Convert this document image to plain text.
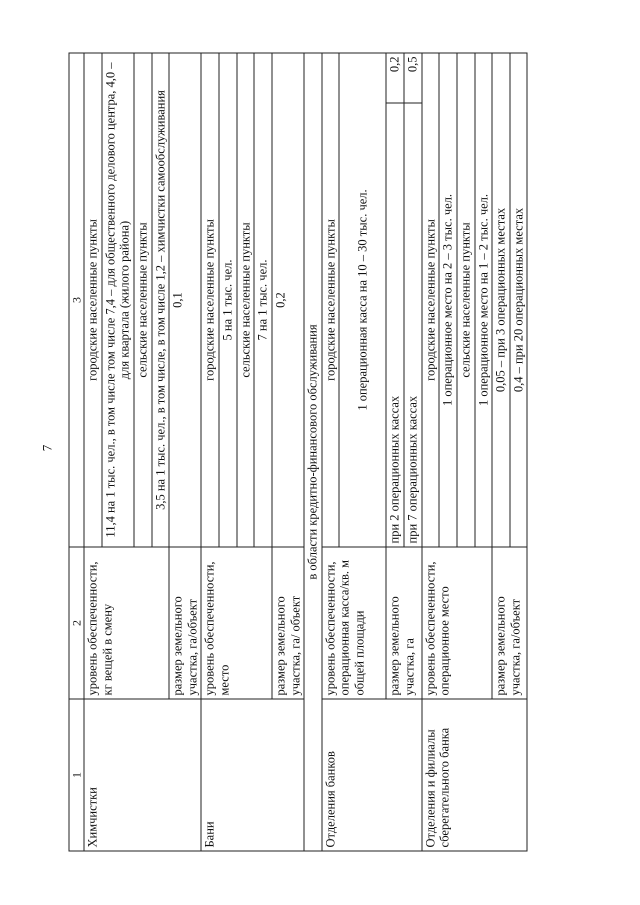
7
1	2	3	
Химчистки	уровень обеспеченности, кг вещей в смену	городские населенные пункты	
		11,4 на 1 тыс. чел., в том числе том числе 7,4 – для общественного делового центра, 4,0 – для квартала (жилого района)	
		сельские населенные пункты	
		3,5 на 1 тыс. чел., в том числе, в том числе 1,2 – химчистки самообслуживания	
	размер земельного участка, га/объект	0,1	
Бани	уровень обеспеченности, место	городские населенные пункты	
		5 на 1 тыс. чел.	
		сельские населенные пункты	
		7 на 1 тыс. чел.	
	размер земельного участка, га/ объект	0,2	
в области кредитно-финансового обслуживания			
Отделения банков	уровень обеспеченности, операционная касса/кв. м общей площади	городские населенные пункты	
		1 операционная касса на 10 – 30 тыс. чел.	
	размер земельного участка, га	при 2 операционных кассах	0,2
		при 7 операционных кассах	0,5
Отделения и филиалы сберегательного банка	уровень обеспеченности, операционное место	городские населенные пункты	
		1 операционное место на 2 – 3 тыс. чел.	
		сельские населенные пункты	
		1 операционное место на 1 – 2 тыс. чел.	
	размер земельного участка, га/объект	0,05 – при 3 операционных местах	
		0,4 – при 20 операционных местах	
